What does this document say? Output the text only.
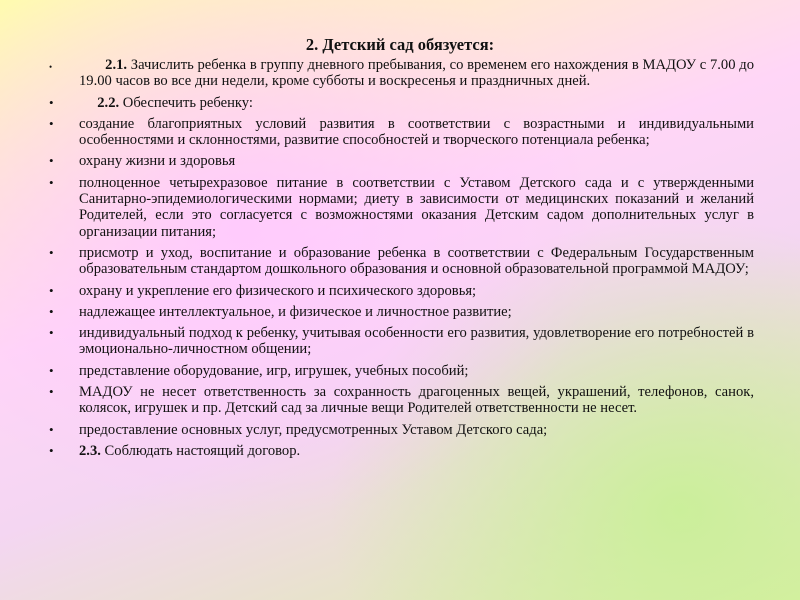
2. Детский сад обязуется:
•	2.1. Зачислить ребенка в группу дневного пребывания, со временем его нахождения в МАДОУ с 7.00 до 19.00 часов во все дни недели, кроме субботы и воскресенья и праздничных дней.
•	2.2. Обеспечить ребенку:
• создание благоприятных условий развития в соответствии с возрастными и индивидуальными особенностями и склонностями, развитие способностей и творческого потенциала ребенка;
• охрану жизни и здоровья
• полноценное четырехразовое питание в соответствии с Уставом Детского сада и с утвержденными Санитарно-эпидемиологическими нормами; диету в зависимости от медицинских показаний и желаний Родителей, если это согласуется с возможностями оказания Детским садом дополнительных услуг в организации питания;
• присмотр и уход, воспитание и образование ребенка в соответствии с Федеральным Государственным образовательным стандартом дошкольного образования и основной образовательной программой МАДОУ;
• охрану и укрепление его физического и психического здоровья;
• надлежащее интеллектуальное, и физическое и личностное развитие;
• индивидуальный подход к ребенку, учитывая особенности его развития, удовлетворение его потребностей в эмоционально-личностном общении;
• представление оборудование, игр, игрушек, учебных пособий;
• МАДОУ не несет ответственность за сохранность драгоценных вещей, украшений, телефонов, санок, колясок, игрушек и пр. Детский сад за личные вещи Родителей ответственности не несет.
• предоставление основных услуг, предусмотренных Уставом Детского сада;
• 2.3. Соблюдать настоящий договор.
